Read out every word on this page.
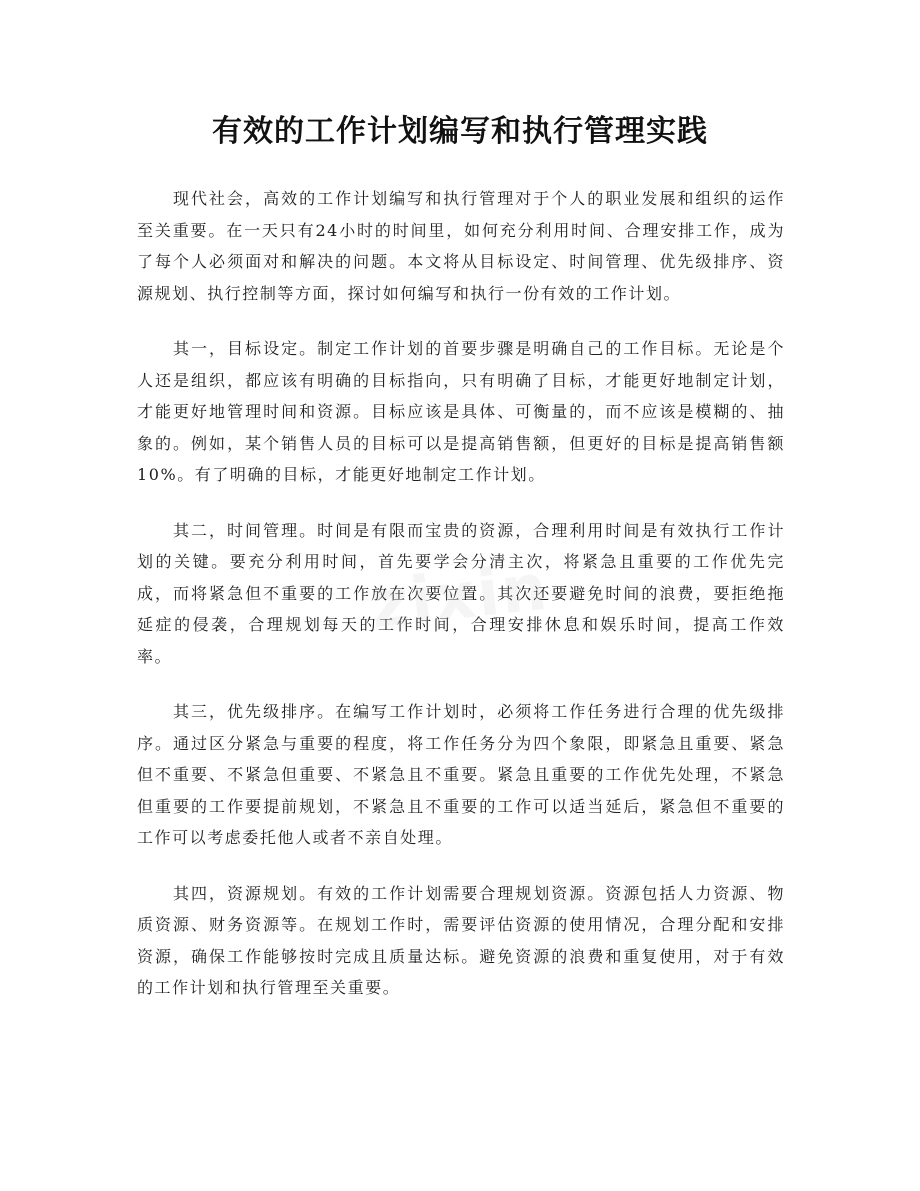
有效的工作计划编写和执行管理实践

现代社会，高效的工作计划编写和执行管理对于个人的职业发展和组织的运作至关重要。在一天只有24小时的时间里，如何充分利用时间、合理安排工作，成为了每个人必须面对和解决的问题。本文将从目标设定、时间管理、优先级排序、资源规划、执行控制等方面，探讨如何编写和执行一份有效的工作计划。

其一，目标设定。制定工作计划的首要步骤是明确自己的工作目标。无论是个人还是组织，都应该有明确的目标指向，只有明确了目标，才能更好地制定计划，才能更好地管理时间和资源。目标应该是具体、可衡量的，而不应该是模糊的、抽象的。例如，某个销售人员的目标可以是提高销售额，但更好的目标是提高销售额10%。有了明确的目标，才能更好地制定工作计划。

其二，时间管理。时间是有限而宝贵的资源，合理利用时间是有效执行工作计划的关键。要充分利用时间，首先要学会分清主次，将紧急且重要的工作优先完成，而将紧急但不重要的工作放在次要位置。其次还要避免时间的浪费，要拒绝拖延症的侵袭，合理规划每天的工作时间，合理安排休息和娱乐时间，提高工作效率。

其三，优先级排序。在编写工作计划时，必须将工作任务进行合理的优先级排序。通过区分紧急与重要的程度，将工作任务分为四个象限，即紧急且重要、紧急但不重要、不紧急但重要、不紧急且不重要。紧急且重要的工作优先处理，不紧急但重要的工作要提前规划，不紧急且不重要的工作可以适当延后，紧急但不重要的工作可以考虑委托他人或者不亲自处理。

其四，资源规划。有效的工作计划需要合理规划资源。资源包括人力资源、物质资源、财务资源等。在规划工作时，需要评估资源的使用情况，合理分配和安排资源，确保工作能够按时完成且质量达标。避免资源的浪费和重复使用，对于有效的工作计划和执行管理至关重要。

zixin
